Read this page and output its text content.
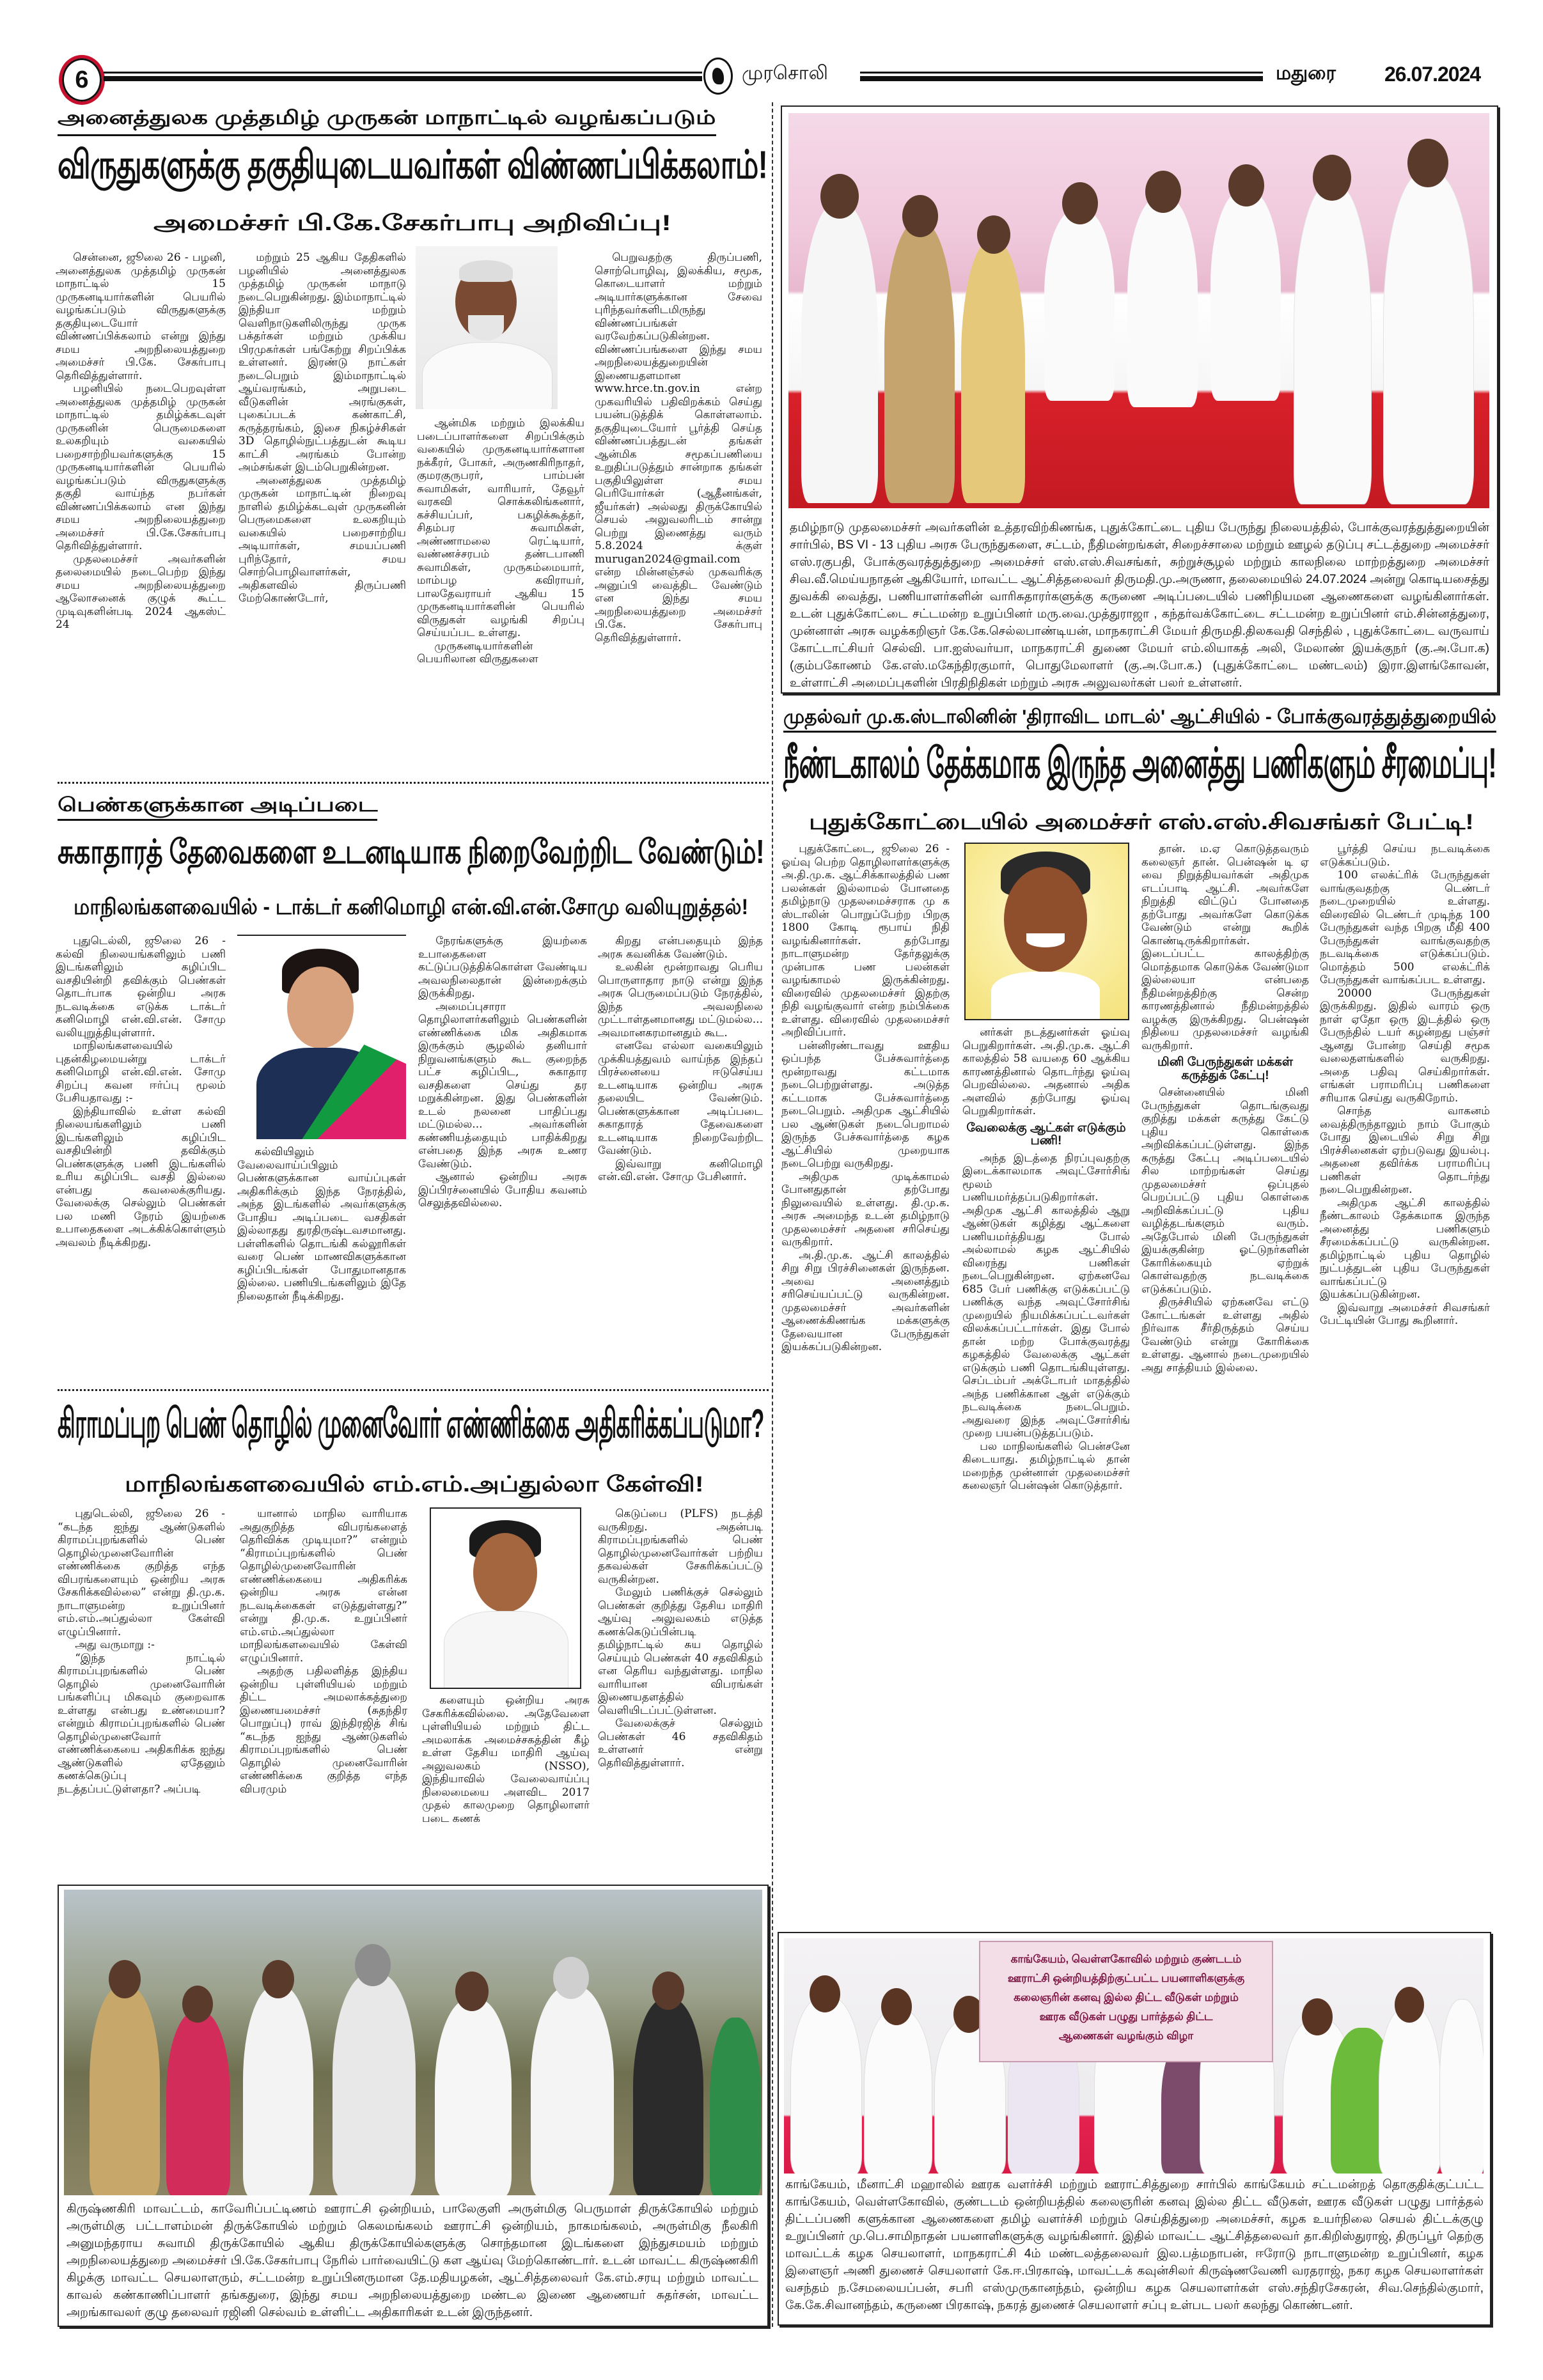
6	முரசொலி	மதுரை 26.07.2024
அனைத்துலக முத்தமிழ் முருகன் மாநாட்டில் வழங்கப்படும்
விருதுகளுக்கு தகுதியுடையவர்கள் விண்ணப்பிக்கலாம்!
அமைச்சர் பி.கே.சேகர்பாபு அறிவிப்பு!

சென்னை, ஜூலை 26 - பழனி, அனைத்துலக முத்தமிழ் முருகன் மாநாட்டில் 15 முருகனடியார்களின் பெயரில் வழங்கப்படும் விருதுகளுக்கு தகுதியுடையோர் விண்ணப்பிக்கலாம் என்று இந்து சமய அறநிலையத்துறை அமைச்சர் பி.கே. சேகர்பாபு தெரிவித்துள்ளார்.

பழனியில் நடைபெறவுள்ள அனைத்துலக முத்தமிழ் முருகன் மாநாட்டில் தமிழ்க்கடவுள் முருகனின் பெருமைகளை உலகறியும் வகையில் பறைசாற்றியவர்களுக்கு 15 முருகனடியார்களின் பெயரில் வழங்கப்படும் விருதுகளுக்கு தகுதி வாய்ந்த நபர்கள் விண்ணப்பிக்கலாம் என இந்து சமய அறநிலையத்துறை அமைச்சர் பி.கே.சேகர்பாபு தெரிவித்துள்ளார்.

முதலமைச்சர் அவர்களின் தலைமையில் நடைபெற்ற இந்து சமய அறநிலையத்துறை ஆலோசனைக் குழுக் கூட்ட முடிவுகளின்படி 2024 ஆகஸ்ட் 24

மற்றும் 25 ஆகிய தேதிகளில் பழனியில் அனைத்துலக முத்தமிழ் முருகன் மாநாடு நடைபெறுகின்றது. இம்மாநாட்டில் இந்தியா மற்றும் வெளிநாடுகளிலிருந்து முருக பக்தர்கள் மற்றும் முக்கிய பிரமுகர்கள் பங்கேற்று சிறப்பிக்க உள்ளனர். இரண்டு நாட்கள் நடைபெறும் இம்மாநாட்டில் ஆய்வரங்கம், அறுபடை வீடுகளின் அரங்குகள், புகைப்படக் கண்காட்சி, கருத்தரங்கம், இசை நிகழ்ச்சிகள் 3D தொழில்நுட்பத்துடன் கூடிய காட்சி அரங்கம் போன்ற அம்சங்கள் இடம்பெறுகின்றன.

அனைத்துலக முத்தமிழ் முருகன் மாநாட்டின் நிறைவு நாளில் தமிழ்க்கடவுள் முருகனின் பெருமைகளை உலகறியும் வகையில் பறைசாற்றிய அடியார்கள், சமயப்பணி புரிந்தோர், சமய சொற்பொழிவாளர்கள், அதிகளவில் திருப்பணி மேற்கொண்டோர்,

ஆன்மிக மற்றும் இலக்கிய படைப்பாளர்களை சிறப்பிக்கும் வகையில் முருகனடியார்களான நக்கீரர், போகர், அருணகிரிநாதர், குமரகுருபரர், பாம்பன் சுவாமிகள், வாரியார், தேவூர் வரகவி சொக்கலிங்கனார், கச்சியப்பர், பகழிக்கூத்தர், சிதம்பர சுவாமிகள், அண்ணாமலை ரெட்டியார், வண்ணச்சரபம் தண்டபாணி சுவாமிகள், முருகம்மையார், மாம்பழ கவிராயர், பாலதேவராயர் ஆகிய 15 முருகனடியார்களின் பெயரில் விருதுகள் வழங்கி சிறப்பு செய்யப்பட உள்ளது.

முருகனடியார்களின் பெயரிலான விருதுகளை

பெறுவதற்கு திருப்பணி, சொற்பொழிவு, இலக்கிய, சமூக, கொடையாளர் மற்றும் அடியார்களுக்கான சேவை புரிந்தவர்களிடமிருந்து விண்ணப்பங்கள் வரவேற்கப்படுகின்றன. விண்ணப்பங்களை இந்து சமய அறநிலையத்துறையின் இணையதளமான www.hrce.tn.gov.in என்ற முகவரியில் பதிவிறக்கம் செய்து பயன்படுத்திக் கொள்ளலாம். தகுதியுடையோர் பூர்த்தி செய்த விண்ணப்பத்துடன் தங்கள் ஆன்மிக சமூகப்பணியை உறுதிப்படுத்தும் சான்றாக தங்கள் பகுதியிலுள்ள சமய பெரியோர்கள் (ஆதீனங்கள், ஜீயர்கள்) அல்லது திருக்கோயில் செயல் அலுவலரிடம் சான்று பெற்று இணைத்து வரும் 5.8.2024 க்குள் murugan2024@gmail.com என்ற மின்னஞ்சல் முகவரிக்கு அனுப்பி வைத்திட வேண்டும் என இந்து சமய அறநிலையத்துறை அமைச்சர் பி.கே. சேகர்பாபு தெரிவித்துள்ளார்.

பெண்களுக்கான அடிப்படை
சுகாதாரத் தேவைகளை உடனடியாக நிறைவேற்றிட வேண்டும்!
மாநிலங்களவையில் - டாக்டர் கனிமொழி என்.வி.என்.சோமு வலியுறுத்தல்!

புதுடெல்லி, ஜூலை 26 - கல்வி நிலையங்களிலும் பணி இடங்களிலும் கழிப்பிட வசதியின்றி தவிக்கும் பெண்கள் தொடர்பாக ஒன்றிய அரசு நடவடிக்கை எடுக்க டாக்டர் கனிமொழி என்.வி.என். சோமு வலியுறுத்தியுள்ளார்.

மாநிலங்களவையில் புதன்கிழமையன்று டாக்டர் கனிமொழி என்.வி.என். சோமு சிறப்பு கவன ஈர்ப்பு மூலம் பேசியதாவது :-

இந்தியாவில் உள்ள கல்வி நிலையங்களிலும் பணி இடங்களிலும் கழிப்பிட வசதியின்றி தவிக்கும் பெண்களுக்கு பணி இடங்களில் உரிய கழிப்பிட வசதி இல்லை என்பது கவலைக்குரியது. வேலைக்கு செல்லும் பெண்கள் பல மணி நேரம் இயற்கை உபாதைகளை அடக்கிக்கொள்ளும் அவலம் நீடிக்கிறது.

கல்வியிலும் வேலைவாய்ப்பிலும் பெண்களுக்கான வாய்ப்புகள் அதிகரிக்கும் இந்த நேரத்தில், அந்த இடங்களில் அவர்களுக்கு போதிய அடிப்படை வசதிகள் இல்லாதது துரதிருஷ்டவசமானது. பள்ளிகளில் தொடங்கி கல்லூரிகள் வரை பெண் மாணவிகளுக்கான கழிப்பிடங்கள் போதுமானதாக இல்லை. பணியிடங்களிலும் இதே நிலைதான் நீடிக்கிறது.

நேரங்களுக்கு இயற்கை உபாதைகளை கட்டுப்படுத்திக்கொள்ள வேண்டிய அவலநிலைதான் இன்றைக்கும் இருக்கிறது.

அமைப்புசாரா தொழிலாளர்களிலும் பெண்களின் எண்ணிக்கை மிக அதிகமாக இருக்கும் சூழலில் தனியார் நிறுவனங்களும் கூட குறைந்த பட்ச கழிப்பிட, சுகாதார வசதிகளை செய்து தர மறுக்கின்றன. இது பெண்களின் உடல் நலனை பாதிப்பது மட்டுமல்ல... அவர்களின் கண்ணியத்தையும் பாதிக்கிறது என்பதை இந்த அரசு உணர வேண்டும்.

ஆனால் ஒன்றிய அரசு இப்பிரச்னையில் போதிய கவனம் செலுத்தவில்லை.

கிறது என்பதையும் இந்த அரசு கவனிக்க வேண்டும்.

உலகின் மூன்றாவது பெரிய பொருளாதார நாடு என்று இந்த அரசு பெருமைப்படும் நேரத்தில், இந்த அவலநிலை முட்டாள்தனமானது மட்டுமல்ல... அவமானகரமானதும் கூட.

எனவே எல்லா வகையிலும் முக்கியத்துவம் வாய்ந்த இந்தப் பிரச்னையை ஈடுசெய்ய உடனடியாக ஒன்றிய அரசு தலையிட வேண்டும். பெண்களுக்கான அடிப்படை சுகாதாரத் தேவைகளை உடனடியாக நிறைவேற்றிட வேண்டும்.

இவ்வாறு கனிமொழி என்.வி.என். சோமு பேசினார்.

கிராமப்புற பெண் தொழில் முனைவோர் எண்ணிக்கை அதிகரிக்கப்படுமா?
மாநிலங்களவையில் எம்.எம்.அப்துல்லா கேள்வி!

புதுடெல்லி, ஜூலை 26 - “கடந்த ஐந்து ஆண்டுகளில் கிராமப்புறங்களில் பெண் தொழில்முனைவோரின் எண்ணிக்கை குறித்த எந்த விபரங்களையும் ஒன்றிய அரசு சேகரிக்கவில்லை” என்று தி.மு.க. நாடாளுமன்ற உறுப்பினர் எம்.எம்.அப்துல்லா கேள்வி எழுப்பினார்.

அது வருமாறு :-

“இந்த நாட்டில் கிராமப்புறங்களில் பெண் தொழில் முனைவோரின் பங்களிப்பு மிகவும் குறைவாக உள்ளது என்பது உண்மையா? என்றும் கிராமப்புறங்களில் பெண் தொழில்முனைவோர் எண்ணிக்கையை அதிகரிக்க ஐந்து ஆண்டுகளில் ஏதேனும் கணக்கெடுப்பு நடத்தப்பட்டுள்ளதா? அப்படி

யானால் மாநில வாரியாக அதுகுறித்த விபரங்களைத் தெரிவிக்க முடியுமா?” என்றும் “கிராமப்புறங்களில் பெண் தொழில்முனைவோரின் எண்ணிக்கையை அதிகரிக்க ஒன்றிய அரசு என்ன நடவடிக்கைகள் எடுத்துள்ளது?” என்று தி.மு.க. உறுப்பினர் எம்.எம்.அப்துல்லா மாநிலங்களவையில் கேள்வி எழுப்பினார்.

அதற்கு பதிலளித்த இந்திய ஒன்றிய புள்ளியியல் மற்றும் திட்ட அமலாக்கத்துறை இணையமைச்சர் (சுதந்திர பொறுப்பு) ராவ் இந்திரஜித் சிங் “கடந்த ஐந்து ஆண்டுகளில் கிராமப்புறங்களில் பெண் தொழில் முனைவோரின் எண்ணிக்கை குறித்த எந்த விபரமும்

களையும் ஒன்றிய அரசு சேகரிக்கவில்லை. அதேவேளை புள்ளியியல் மற்றும் திட்ட அமலாக்க அமைச்சகத்தின் கீழ் உள்ள தேசிய மாதிரி ஆய்வு அலுவலகம் (NSSO), இந்தியாவில் வேலைவாய்ப்பு நிலைமையை அளவிட 2017 முதல் காலமுறை தொழிலாளர் படை கணக்

கெடுப்பை (PLFS) நடத்தி வருகிறது. அதன்படி கிராமப்புறங்களில் பெண் தொழில்முனைவோர்கள் பற்றிய தகவல்கள் சேகரிக்கப்பட்டு வருகின்றன.

மேலும் பணிக்குச் செல்லும் பெண்கள் குறித்து தேசிய மாதிரி ஆய்வு அலுவலகம் எடுத்த கணக்கெடுப்பின்படி தமிழ்நாட்டில் சுய தொழில் செய்யும் பெண்கள் 40 சதவிகிதம் என தெரிய வந்துள்ளது. மாநில வாரியான விபரங்கள் இணையதளத்தில் வெளியிடப்பட்டுள்ளன.

வேலைக்குச் செல்லும் பெண்கள் 46 சதவிகிதம் உள்ளனர் என்று தெரிவித்துள்ளார்.

கிருஷ்ணகிரி மாவட்டம், காவேரிப்பட்டிணம் ஊராட்சி ஒன்றியம், பாலேகுளி அருள்மிகு பெருமாள் திருக்கோயில் மற்றும் அருள்மிகு பட்டாளம்மன் திருக்கோயில் மற்றும் கெலமங்கலம் ஊராட்சி ஒன்றியம், நாகமங்கலம், அருள்மிகு நீலகிரி அனுமந்தராய சுவாமி திருக்கோயில் ஆகிய திருக்கோயில்களுக்கு சொந்தமான இடங்களை இந்துசமயம் மற்றும் அறநிலையத்துறை அமைச்சர் பி.கே.சேகர்பாபு நேரில் பார்வையிட்டு கள ஆய்வு மேற்கொண்டார். உடன் மாவட்ட கிருஷ்ணகிரி கிழக்கு மாவட்ட செயலாளரும், சட்டமன்ற உறுப்பினருமான தே.மதியழகன், ஆட்சித்தலைவர் கே.எம்.சரயு மற்றும் மாவட்ட காவல் கண்காணிப்பாளர் தங்கதுரை, இந்து சமய அறநிலையத்துறை மண்டல இணை ஆணையர் சுதர்சன், மாவட்ட அறங்காவலர் குழு தலைவர் ரஜினி செல்வம் உள்ளிட்ட அதிகாரிகள் உடன் இருந்தனர்.
தமிழ்நாடு முதலமைச்சர் அவர்களின் உத்தரவிற்கிணங்க, புதுக்கோட்டை புதிய பேருந்து நிலையத்தில், போக்குவரத்துத்துறையின் சார்பில், BS VI - 13 புதிய அரசு பேருந்துகளை, சட்டம், நீதிமன்றங்கள், சிறைச்சாலை மற்றும் ஊழல் தடுப்பு சட்டத்துறை அமைச்சர் எஸ்.ரகுபதி, போக்குவரத்துத்துறை அமைச்சர் எஸ்.எஸ்.சிவசங்கர், சுற்றுச்சூழல் மற்றும் காலநிலை மாற்றத்துறை அமைச்சர் சிவ.வீ.மெய்யநாதன் ஆகியோர், மாவட்ட ஆட்சித்தலைவர் திருமதி.மு.அருணா, தலைமையில் 24.07.2024 அன்று கொடியசைத்து துவக்கி வைத்து, பணியாளர்களின் வாரிசுதாரர்களுக்கு கருணை அடிப்படையில் பணிநியமன ஆணைகளை வழங்கினார்கள். உடன் புதுக்கோட்டை சட்டமன்ற உறுப்பினர் மரு.வை.முத்துராஜா , கந்தர்வக்கோட்டை சட்டமன்ற உறுப்பினர் எம்.சின்னத்துரை, முன்னாள் அரசு வழக்கறிஞர் கே.கே.செல்லபாண்டியன், மாநகராட்சி மேயர் திருமதி.திலகவதி செந்தில் , புதுக்கோட்டை வருவாய் கோட்டாட்சியர் செல்வி. பா.ஐஸ்வர்யா, மாநகராட்சி துணை மேயர் எம்.லியாகத் அலி, மேலாண் இயக்குநர் (கு.அ.போ.க) (கும்பகோணம் கே.எஸ்.மகேந்திரகுமார், பொதுமேலாளர் (கு.அ.போ.க.) (புதுக்கோட்டை மண்டலம்) இரா.இளங்கோவன், உள்ளாட்சி அமைப்புகளின் பிரதிநிதிகள் மற்றும் அரசு அலுவலர்கள் பலர் உள்ளனர்.
முதல்வர் மு.க.ஸ்டாலினின் 'திராவிட மாடல்' ஆட்சியில் - போக்குவரத்துத்துறையில்
நீண்டகாலம் தேக்கமாக இருந்த அனைத்து பணிகளும் சீரமைப்பு!
புதுக்கோட்டையில் அமைச்சர் எஸ்.எஸ்.சிவசங்கர் பேட்டி!

புதுக்கோட்டை, ஜூலை 26 - ஓய்வு பெற்ற தொழிலாளர்களுக்கு அ.தி.மு.க. ஆட்சிக்காலத்தில் பண பலன்கள் இல்லாமல் போனதை தமிழ்நாடு முதலமைச்சராக மு க ஸ்டாலின் பொறுப்பேற்ற பிறகு 1800 கோடி ரூபாய் நிதி வழங்கினார்கள். தற்போது நாடாளுமன்ற தேர்தலுக்கு முன்பாக பண பலன்கள் வழங்காமல் இருக்கின்றது. விரைவில் முதலமைச்சர் இதற்கு நிதி வழங்குவார் என்ற நம்பிக்கை உள்ளது. விரைவில் முதலமைச்சர் அறிவிப்பார்.

பன்னிரண்டாவது ஊதிய ஒப்பந்த பேச்சுவார்த்தை மூன்றாவது கட்டமாக நடைபெற்றுள்ளது. அடுத்த கட்டமாக பேச்சுவார்த்தை நடைபெறும். அதிமுக ஆட்சியில் பல ஆண்டுகள் நடைபெறாமல் இருந்த பேச்சுவார்த்தை கழக ஆட்சியில் முறையாக நடைபெற்று வருகிறது.

அதிமுக முடிக்காமல் போனதுதான் தற்போது நிலுவையில் உள்ளது. தி.மு.க. அரசு அமைந்த உடன் தமிழ்நாடு முதலமைச்சர் அதனை சரிசெய்து வருகிறார்.

அ.தி.மு.க. ஆட்சி காலத்தில் சிறு சிறு பிரச்சினைகள் இருந்தன. அவை அனைத்தும் சரிசெய்யப்பட்டு வருகின்றன. முதலமைச்சர் அவர்களின் ஆணைக்கிணங்க மக்களுக்கு தேவையான பேருந்துகள் இயக்கப்படுகின்றன.

னர்கள் நடத்துனர்கள் ஓய்வு பெறுகிறார்கள். அ.தி.மு.க. ஆட்சி காலத்தில் 58 வயதை 60 ஆக்கிய காரணத்தினால் தொடர்ந்து ஓய்வு பெறவில்லை. அதனால் அதிக அளவில் தற்போது ஓய்வு பெறுகிறார்கள்.

வேலைக்கு ஆட்கள் எடுக்கும் பணி!

அந்த இடத்தை நிரப்புவதற்கு இடைக்காலமாக அவுட்சோர்சிங் மூலம் பணியமர்த்தப்படுகிறார்கள். அதிமுக ஆட்சி காலத்தில் ஆறு ஆண்டுகள் கழித்து ஆட்களை பணியமர்த்தியது போல் அல்லாமல் கழக ஆட்சியில் விரைந்து பணிகள் நடைபெறுகின்றன. ஏற்கனவே 685 பேர் பணிக்கு எடுக்கப்பட்டு பணிக்கு வந்த அவுட்சோர்சிங் முறையில் நியமிக்கப்பட்டவர்கள் விலக்கப்பட்டார்கள். இது போல் தான் மற்ற போக்குவரத்து கழகத்தில் வேலைக்கு ஆட்கள் எடுக்கும் பணி தொடங்கியுள்ளது. செப்டம்பர் அக்டோபர் மாதத்தில் அந்த பணிக்கான ஆள் எடுக்கும் நடவடிக்கை நடைபெறும். அதுவரை இந்த அவுட்சோர்சிங் முறை பயன்படுத்தப்படும்.

பல மாநிலங்களில் பென்சனே கிடையாது. தமிழ்நாட்டில் தான் மறைந்த முன்னாள் முதலமைச்சர் கலைஞர் பென்ஷன் கொடுத்தார்.

தான். ம.ஏ கொடுத்தவரும் கலைஞர் தான். பென்ஷன் டி ஏ வை நிறுத்தியவர்கள் அதிமுக எடப்பாடி ஆட்சி. அவர்களே நிறுத்தி விட்டுப் போனதை தற்போது அவர்களே கொடுக்க வேண்டும் என்று கூறிக் கொண்டிருக்கிறார்கள். இடைப்பட்ட காலத்திற்கு மொத்தமாக கொடுக்க வேண்டுமா இல்லையா என்பதை நீதிமன்றத்திற்கு சென்ற காரணத்தினால் நீதிமன்றத்தில் வழக்கு இருக்கிறது. பென்ஷன் நிதியை முதலமைச்சர் வழங்கி வருகிறார்.

மினி பேருந்துகள் மக்கள் கருத்துக் கேட்பு!

சென்னையில் மினி பேருந்துகள் தொடங்குவது குறித்து மக்கள் கருத்து கேட்டு புதிய கொள்கை அறிவிக்கப்பட்டுள்ளது. இந்த கருத்து கேட்பு அடிப்படையில் சில மாற்றங்கள் செய்து முதலமைச்சர் ஒப்புதல் பெறப்பட்டு புதிய கொள்கை அறிவிக்கப்பட்டு புதிய வழித்தடங்களும் வரும். அதேபோல் மினி பேருந்துகள் இயக்குகின்ற ஓட்டுநர்களின் கோரிக்கையும் ஏற்றுக் கொள்வதற்கு நடவடிக்கை எடுக்கப்படும்.

திருச்சியில் ஏற்கனவே எட்டு கோட்டங்கள் உள்ளது அதில் நிர்வாக சீர்திருத்தம் செய்ய வேண்டும் என்று கோரிக்கை உள்ளது. ஆனால் நடைமுறையில் அது சாத்தியம் இல்லை.

பூர்த்தி செய்ய நடவடிக்கை எடுக்கப்படும்.

100 எலக்ட்ரிக் பேருந்துகள் வாங்குவதற்கு டெண்டர் நடைமுறையில் உள்ளது. விரைவில் டெண்டர் முடிந்த 100 பேருந்துகள் வந்த பிறகு மீதி 400 பேருந்துகள் வாங்குவதற்கு நடவடிக்கை எடுக்கப்படும். மொத்தம் 500 எலக்ட்ரிக் பேருந்துகள் வாங்கப்பட உள்ளது.

20000 பேருந்துகள் இருக்கிறது. இதில் வாரம் ஒரு நாள் ஏதோ ஒரு இடத்தில் ஒரு பேருந்தில் டயர் கழன்றது பஞ்சர் ஆனது போன்ற செய்தி சமூக வலைதளங்களில் வருகிறது. அதை பதிவு செய்கிறார்கள். எங்கள் பராமரிப்பு பணிகளை சரியாக செய்து வருகிறோம்.

சொந்த வாகனம் வைத்திருந்தாலும் நாம் போகும் போது இடையில் சிறு சிறு பிரச்சினைகள் ஏற்படுவது இயல்பு. அதனை தவிர்க்க பராமரிப்பு பணிகள் தொடர்ந்து நடைபெறுகின்றன.

அதிமுக ஆட்சி காலத்தில் நீண்டகாலம் தேக்கமாக இருந்த அனைத்து பணிகளும் சீரமைக்கப்பட்டு வருகின்றன. தமிழ்நாட்டில் புதிய தொழில் நுட்பத்துடன் புதிய பேருந்துகள் வாங்கப்பட்டு இயக்கப்படுகின்றன.

இவ்வாறு அமைச்சர் சிவசங்கர் பேட்டியின் போது கூறினார்.

காங்கேயம், வெள்ளகோவில் மற்றும் குண்டடம்
ஊராட்சி ஒன்றியத்திற்குட்பட்ட பயனாளிகளுக்கு
கலைஞரின் கனவு இல்ல திட்ட வீடுகள் மற்றும்
ஊரக வீடுகள் பழுது பார்த்தல் திட்ட
ஆணைகள் வழங்கும் விழா
காங்கேயம், மீனாட்சி மஹாலில் ஊரக வளர்ச்சி மற்றும் ஊராட்சித்துறை சார்பில் காங்கேயம் சட்டமன்றத் தொகுதிக்குட்பட்ட காங்கேயம், வெள்ளகோவில், குண்டடம் ஒன்றியத்தில் கலைஞரின் கனவு இல்ல திட்ட வீடுகள், ஊரக வீடுகள் பழுது பார்த்தல் திட்டப்பணி களுக்கான ஆணைகளை தமிழ் வளர்ச்சி மற்றும் செய்தித்துறை அமைச்சர், கழக உயர்நிலை செயல் திட்டக்குழு உறுப்பினர் மு.பெ.சாமிநாதன் பயனாளிகளுக்கு வழங்கினார். இதில் மாவட்ட ஆட்சித்தலைவர் தா.கிறிஸ்துராஜ், திருப்பூர் தெற்கு மாவட்டக் கழக செயலாளர், மாநகராட்சி 4ம் மண்டலத்தலைவர் இல.பத்மநாபன், ஈரோடு நாடாளுமன்ற உறுப்பினர், கழக இளைஞர் அணி துணைச் செயலாளர் கே.ஈ.பிரகாஷ், மாவட்டக் கவுன்சிலர் கிருஷ்ணவேணி வரதராஜ், நகர கழக செயலாளர்கள் வசந்தம் ந.சேமலையப்பன், சபரி எஸ்முருகானந்தம், ஒன்றிய கழக செயலாளர்கள் எஸ்.சந்திரசேகரன், சிவ.செந்தில்குமார், கே.கே.சிவானந்தம், கருணை பிரகாஷ், நகரத் துணைச் செயலாளர் சப்பு உள்பட பலர் கலந்து கொண்டனர்.
